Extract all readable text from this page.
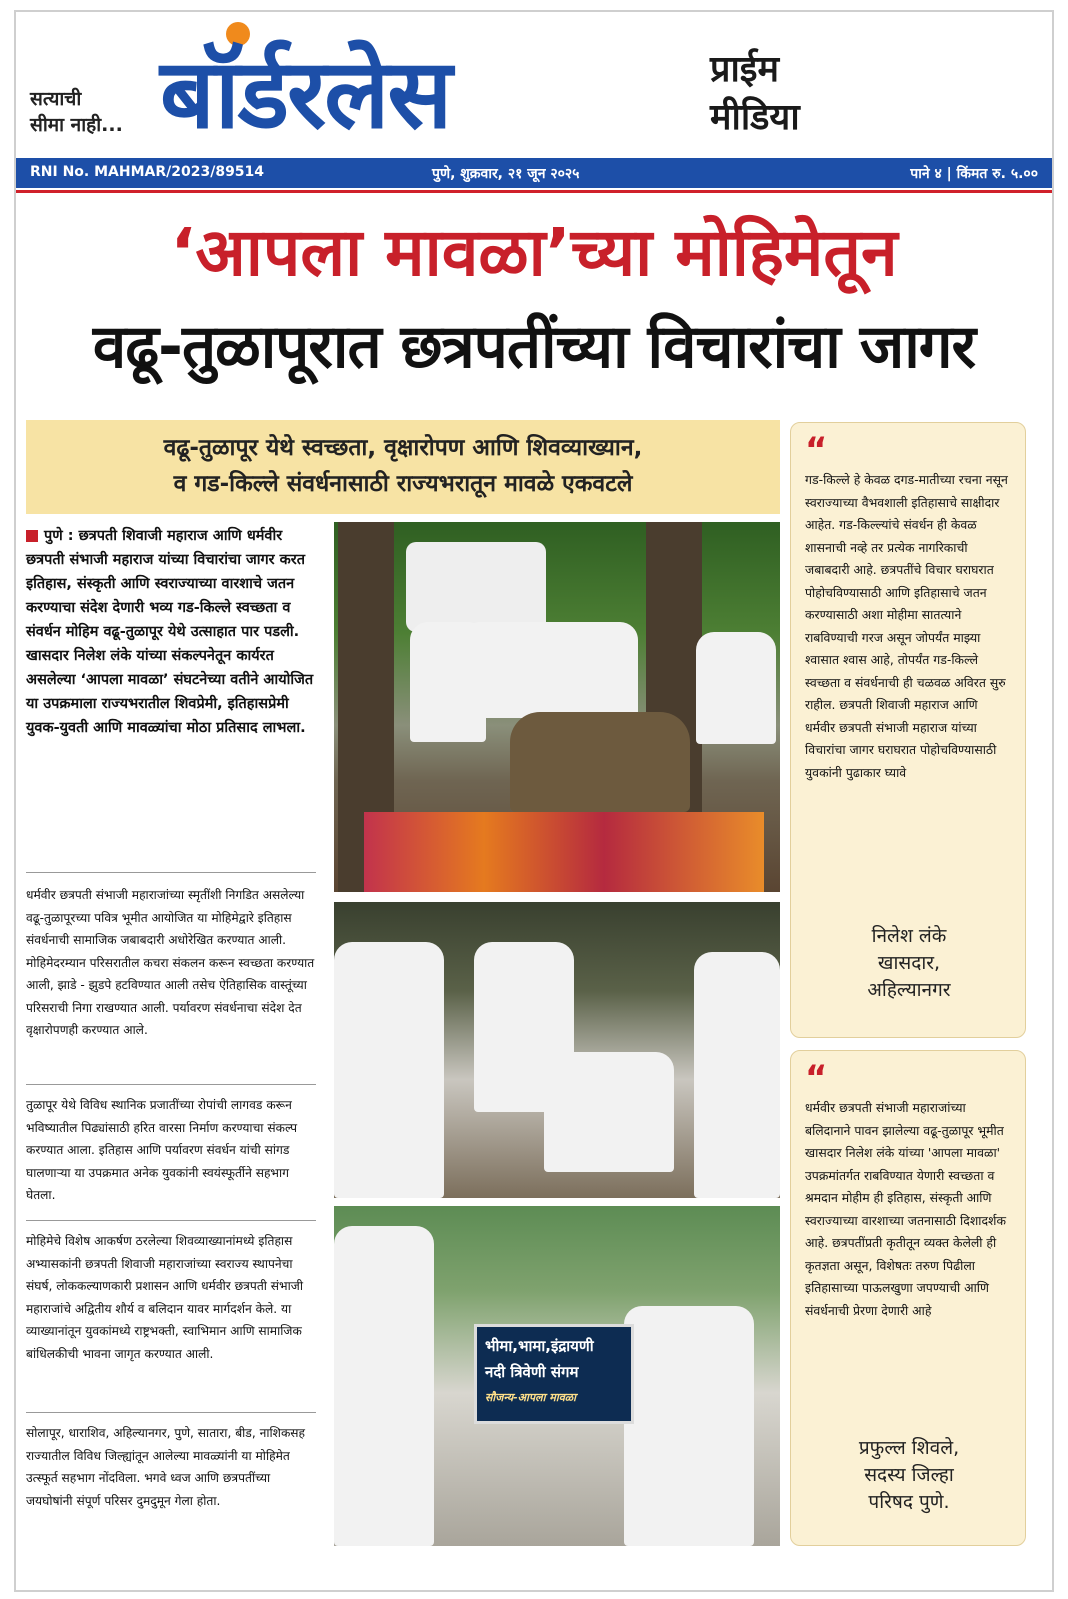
सत्याची
सीमा नाही... बॉर्डरलेस	प्राईम
मीडिया
RNI No. MAHMAR/2023/89514	पुणे, शुक्रवार, २१ जून २०२५	पाने ४ | किंमत रु. ५.००
‘आपला मावळा’च्या मोहिमेतून
वढू-तुळापूरात छत्रपतींच्या विचारांचा जागर
वढू-तुळापूर येथे स्वच्छता, वृक्षारोपण आणि शिवव्याख्यान,
व गड-किल्ले संवर्धनासाठी राज्यभरातून मावळे एकवटले
पुणे : छत्रपती शिवाजी महाराज आणि धर्मवीर छत्रपती संभाजी महाराज यांच्या विचारांचा जागर करत इतिहास, संस्कृती आणि स्वराज्याच्या वारशाचे जतन करण्याचा संदेश देणारी भव्य गड-किल्ले स्वच्छता व संवर्धन मोहिम वढू-तुळापूर येथे उत्साहात पार पडली. खासदार निलेश लंके यांच्या संकल्पनेतून कार्यरत असलेल्या ‘आपला मावळा’ संघटनेच्या वतीने आयोजित या उपक्रमाला राज्यभरातील शिवप्रेमी, इतिहासप्रेमी युवक-युवती आणि मावळ्यांचा मोठा प्रतिसाद लाभला.
धर्मवीर छत्रपती संभाजी महाराजांच्या स्मृतींशी निगडित असलेल्या वढू-तुळापूरच्या पवित्र भूमीत आयोजित या मोहिमेद्वारे इतिहास संवर्धनाची सामाजिक जबाबदारी अधोरेखित करण्यात आली. मोहिमेदरम्यान परिसरातील कचरा संकलन करून स्वच्छता करण्यात आली, झाडे - झुडपे हटविण्यात आली तसेच ऐतिहासिक वास्तूंच्या परिसराची निगा राखण्यात आली. पर्यावरण संवर्धनाचा संदेश देत वृक्षारोपणही करण्यात आले.
तुळापूर येथे विविध स्थानिक प्रजातींच्या रोपांची लागवड करून भविष्यातील पिढ्यांसाठी हरित वारसा निर्माण करण्याचा संकल्प करण्यात आला. इतिहास आणि पर्यावरण संवर्धन यांची सांगड घालणाऱ्या या उपक्रमात अनेक युवकांनी स्वयंस्फूर्तीने सहभाग घेतला.
मोहिमेचे विशेष आकर्षण ठरलेल्या शिवव्याख्यानांमध्ये इतिहास अभ्यासकांनी छत्रपती शिवाजी महाराजांच्या स्वराज्य स्थापनेचा संघर्ष, लोककल्याणकारी प्रशासन आणि धर्मवीर छत्रपती संभाजी महाराजांचे अद्वितीय शौर्य व बलिदान यावर मार्गदर्शन केले. या व्याख्यानांतून युवकांमध्ये राष्ट्रभक्ती, स्वाभिमान आणि सामाजिक बांधिलकीची भावना जागृत करण्यात आली.
सोलापूर, धाराशिव, अहिल्यानगर, पुणे, सातारा, बीड, नाशिकसह राज्यातील विविध जिल्ह्यांतून आलेल्या मावळ्यांनी या मोहिमेत उत्स्फूर्त सहभाग नोंदविला. भगवे ध्वज आणि छत्रपतींच्या जयघोषांनी संपूर्ण परिसर दुमदुमून गेला होता.
भीमा,भामा,इंद्रायणी
नदी त्रिवेणी संगम
सौजन्य-आपला मावळा
“
गड-किल्ले हे केवळ दगड-मातीच्या रचना नसून स्वराज्याच्या वैभवशाली इतिहासाचे साक्षीदार आहेत. गड-किल्ल्यांचे संवर्धन ही केवळ शासनाची नव्हे तर प्रत्येक नागरिकाची जबाबदारी आहे. छत्रपतींचे विचार घराघरात पोहोचविण्यासाठी आणि इतिहासाचे जतन करण्यासाठी अशा मोहीमा सातत्याने राबविण्याची गरज असून जोपर्यंत माझ्या श्वासात श्वास आहे, तोपर्यंत गड-किल्ले स्वच्छता व संवर्धनाची ही चळवळ अविरत सुरु राहील. छत्रपती शिवाजी महाराज आणि धर्मवीर छत्रपती संभाजी महाराज यांच्या विचारांचा जागर घराघरात पोहोचविण्यासाठी युवकांनी पुढाकार घ्यावे
निलेश लंके
खासदार,
अहिल्यानगर
“
धर्मवीर छत्रपती संभाजी महाराजांच्या बलिदानाने पावन झालेल्या वढू-तुळापूर भूमीत खासदार निलेश लंके यांच्या 'आपला मावळा' उपक्रमांतर्गत राबविण्यात येणारी स्वच्छता व श्रमदान मोहीम ही इतिहास, संस्कृती आणि स्वराज्याच्या वारशाच्या जतनासाठी दिशादर्शक आहे. छत्रपतींप्रती कृतीतून व्यक्त केलेली ही कृतज्ञता असून, विशेषतः तरुण पिढीला इतिहासाच्या पाऊलखुणा जपण्याची आणि संवर्धनाची प्रेरणा देणारी आहे
प्रफुल्ल शिवले,
सदस्य जिल्हा
परिषद पुणे.
